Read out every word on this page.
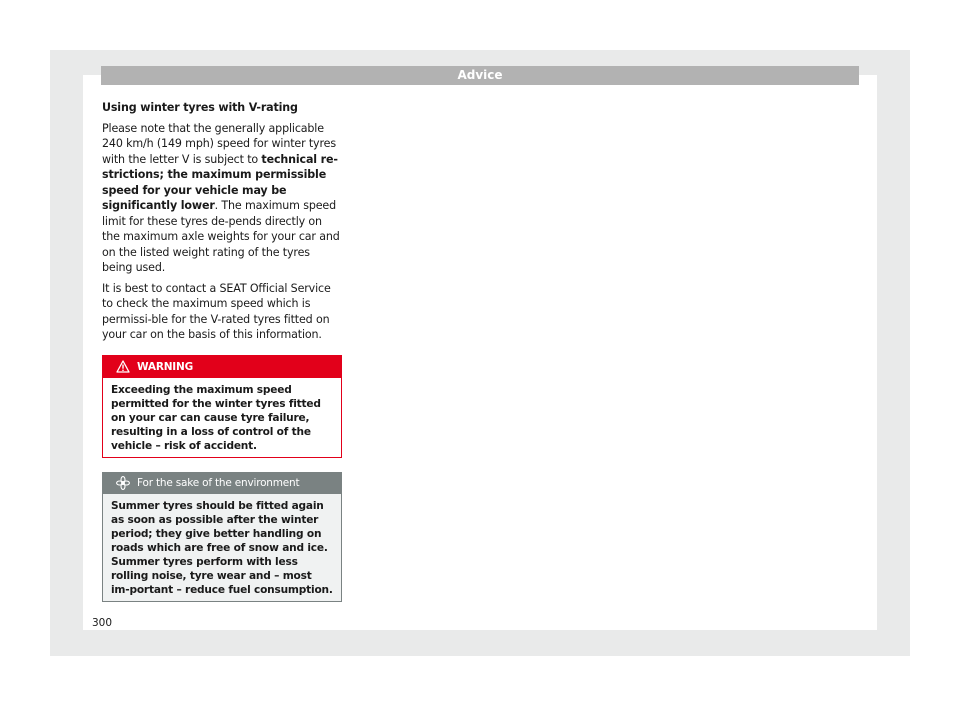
Advice

Using winter tyres with V-rating

Please note that the generally applicable 240 km/h (149 mph) speed for winter tyres with the letter V is subject to technical re-strictions; the maximum permissible speed for your vehicle may be significantly lower. The maximum speed limit for these tyres de-pends directly on the maximum axle weights for your car and on the listed weight rating of the tyres being used.

It is best to contact a SEAT Official Service to check the maximum speed which is permissi-ble for the V-rated tyres fitted on your car on the basis of this information.

WARNING
Exceeding the maximum speed permitted for the winter tyres fitted on your car can cause tyre failure, resulting in a loss of control of the vehicle – risk of accident.
For the sake of the environment
Summer tyres should be fitted again as soon as possible after the winter period; they give better handling on roads which are free of snow and ice. Summer tyres perform with less rolling noise, tyre wear and – most im-portant – reduce fuel consumption.
300
